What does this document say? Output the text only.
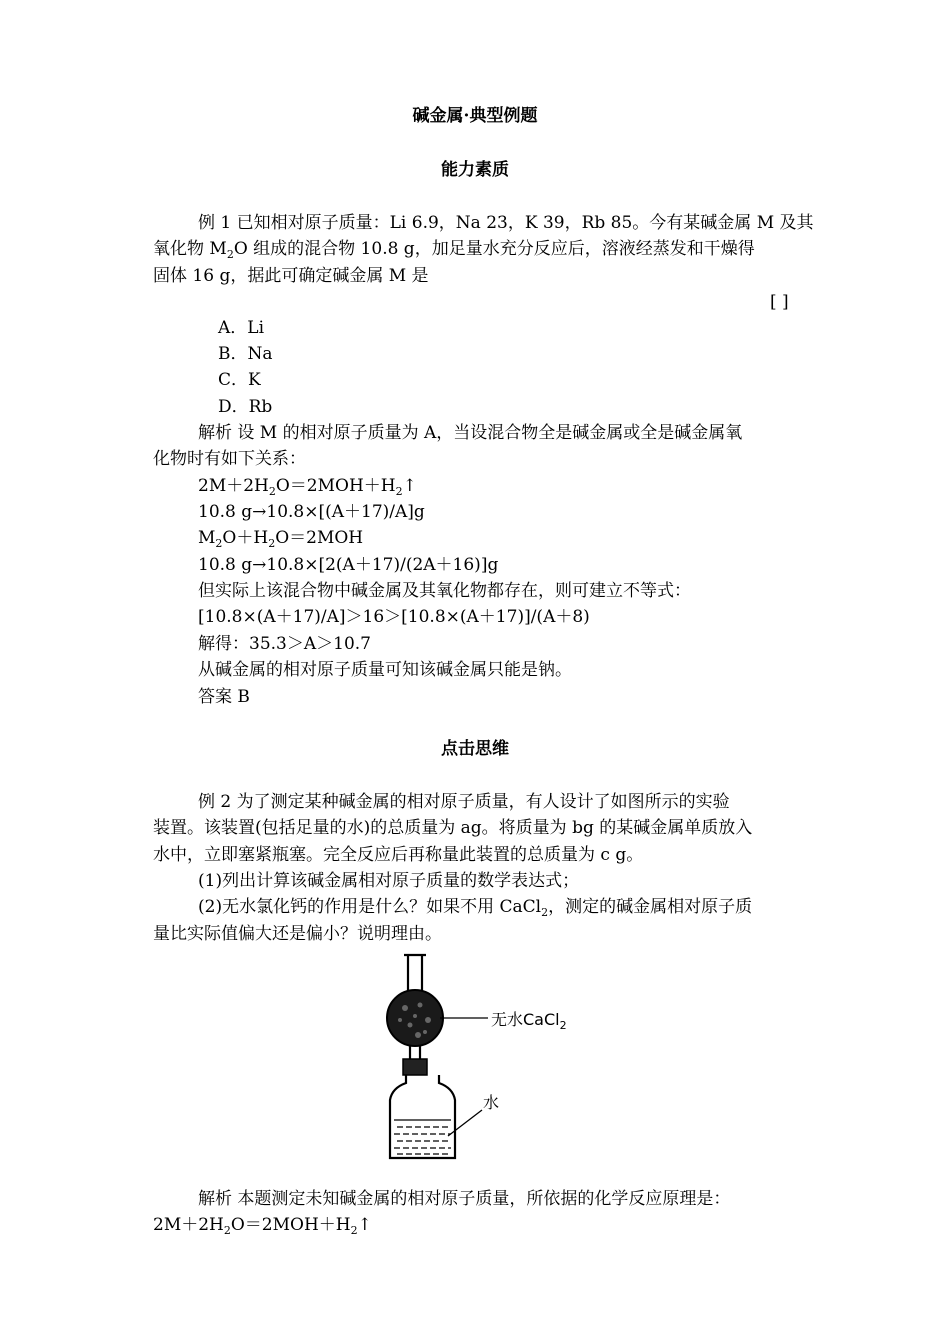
碱金属·典型例题
能力素质
例 1 已知相对原子质量：Li 6.9，Na 23，K 39，Rb 85。今有某碱金属 M 及其
氧化物 $M_2O$ 组成的混合物 10.8 g，加足量水充分反应后，溶液经蒸发和干燥得
固体 16 g，据此可确定碱金属 M 是
[ ]
A．Li
B．Na
C．K
D．Rb
解析 设 M 的相对原子质量为 A，当设混合物全是碱金属或全是碱金属氧
化物时有如下关系：
$2M+2H_2O=2MOH+H_2↑$
10.8 g→10.8×[(A＋17)/A]g
$M_2O+H_2O=2MOH$
10.8 g→10.8×[2(A＋17)/(2A＋16)]g
但实际上该混合物中碱金属及其氧化物都存在，则可建立不等式：
[10.8×(A＋17)/A]＞16＞[10.8×(A＋17)]/(A＋8)
解得：35.3＞A＞10.7
从碱金属的相对原子质量可知该碱金属只能是钠。
答案 B
点击思维
例 2 为了测定某种碱金属的相对原子质量，有人设计了如图所示的实验
装置。该装置(包括足量的水)的总质量为 ag。将质量为 bg 的某碱金属单质放入
水中，立即塞紧瓶塞。完全反应后再称量此装置的总质量为 c g。
(1)列出计算该碱金属相对原子质量的数学表达式；
(2)无水氯化钙的作用是什么？如果不用 CaCl$_2$，测定的碱金属相对原子质
量比实际值偏大还是偏小？说明理由。
无水CaCl$_2$
水
解析 本题测定未知碱金属的相对原子质量，所依据的化学反应原理是：
$2M+2H_2O=2MOH+H_2↑$
